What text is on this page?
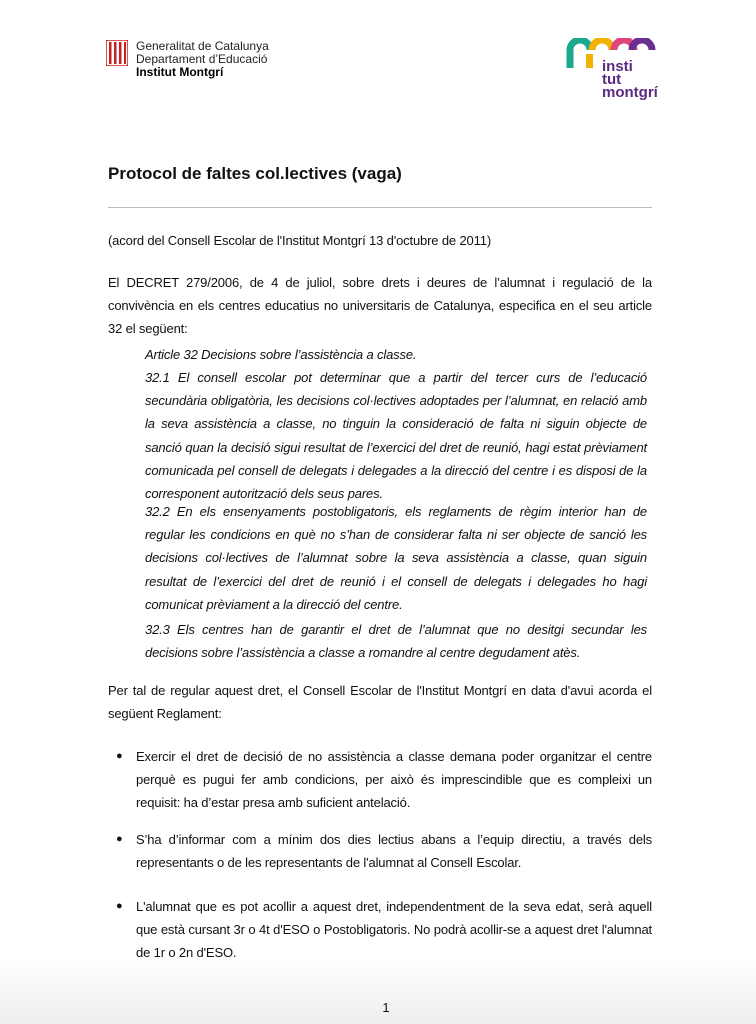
Generalitat de Catalunya
Departament d’Educació
Institut Montgrí	insti
tut
montgrí
Protocol de faltes col.lectives (vaga)
(acord del Consell Escolar de l'Institut Montgrí 13 d'octubre de 2011)
El DECRET 279/2006, de 4 de juliol, sobre drets i deures de l’alumnat i regulació de la convivència en els centres educatius no universitaris de Catalunya, especifica en el seu article 32 el següent:
Article 32 Decisions sobre l’assistència a classe.
32.1 El consell escolar pot determinar que a partir del tercer curs de l’educació secundària obligatòria, les decisions col·lectives adoptades per l’alumnat, en relació amb la seva assistència a classe, no tinguin la consideració de falta ni siguin objecte de sanció quan la decisió sigui resultat de l’exercici del dret de reunió, hagi estat prèviament comunicada pel consell de delegats i delegades a la direcció del centre i es disposi de la corresponent autorització dels seus pares.
32.2 En els ensenyaments postobligatoris, els reglaments de règim interior han de regular les condicions en què no s’han de considerar falta ni ser objecte de sanció les decisions col·lectives de l’alumnat sobre la seva assistència a classe, quan siguin resultat de l’exercici del dret de reunió i el consell de delegats i delegades ho hagi comunicat prèviament a la direcció del centre.
32.3 Els centres han de garantir el dret de l’alumnat que no desitgi secundar les decisions sobre l’assistència a classe a romandre al centre degudament atès.
Per tal de regular aquest dret, el Consell Escolar de l'Institut Montgrí en data d'avui acorda el següent Reglament:
● Exercir el dret de decisió de no assistència a classe demana poder organitzar el centre perquè es pugui fer amb condicions, per això és imprescindible que es compleixi un requisit: ha d’estar presa amb suficient antelació.
● S’ha d’informar com a mínim dos dies lectius abans a l’equip directiu, a través dels representants o de les representants de l'alumnat al Consell Escolar.
● L'alumnat que es pot acollir a aquest dret, independentment de la seva edat, serà aquell que està cursant 3r o 4t d'ESO o Postobligatoris. No podrà acollir-se a aquest dret l'alumnat de 1r o 2n d'ESO.
1
